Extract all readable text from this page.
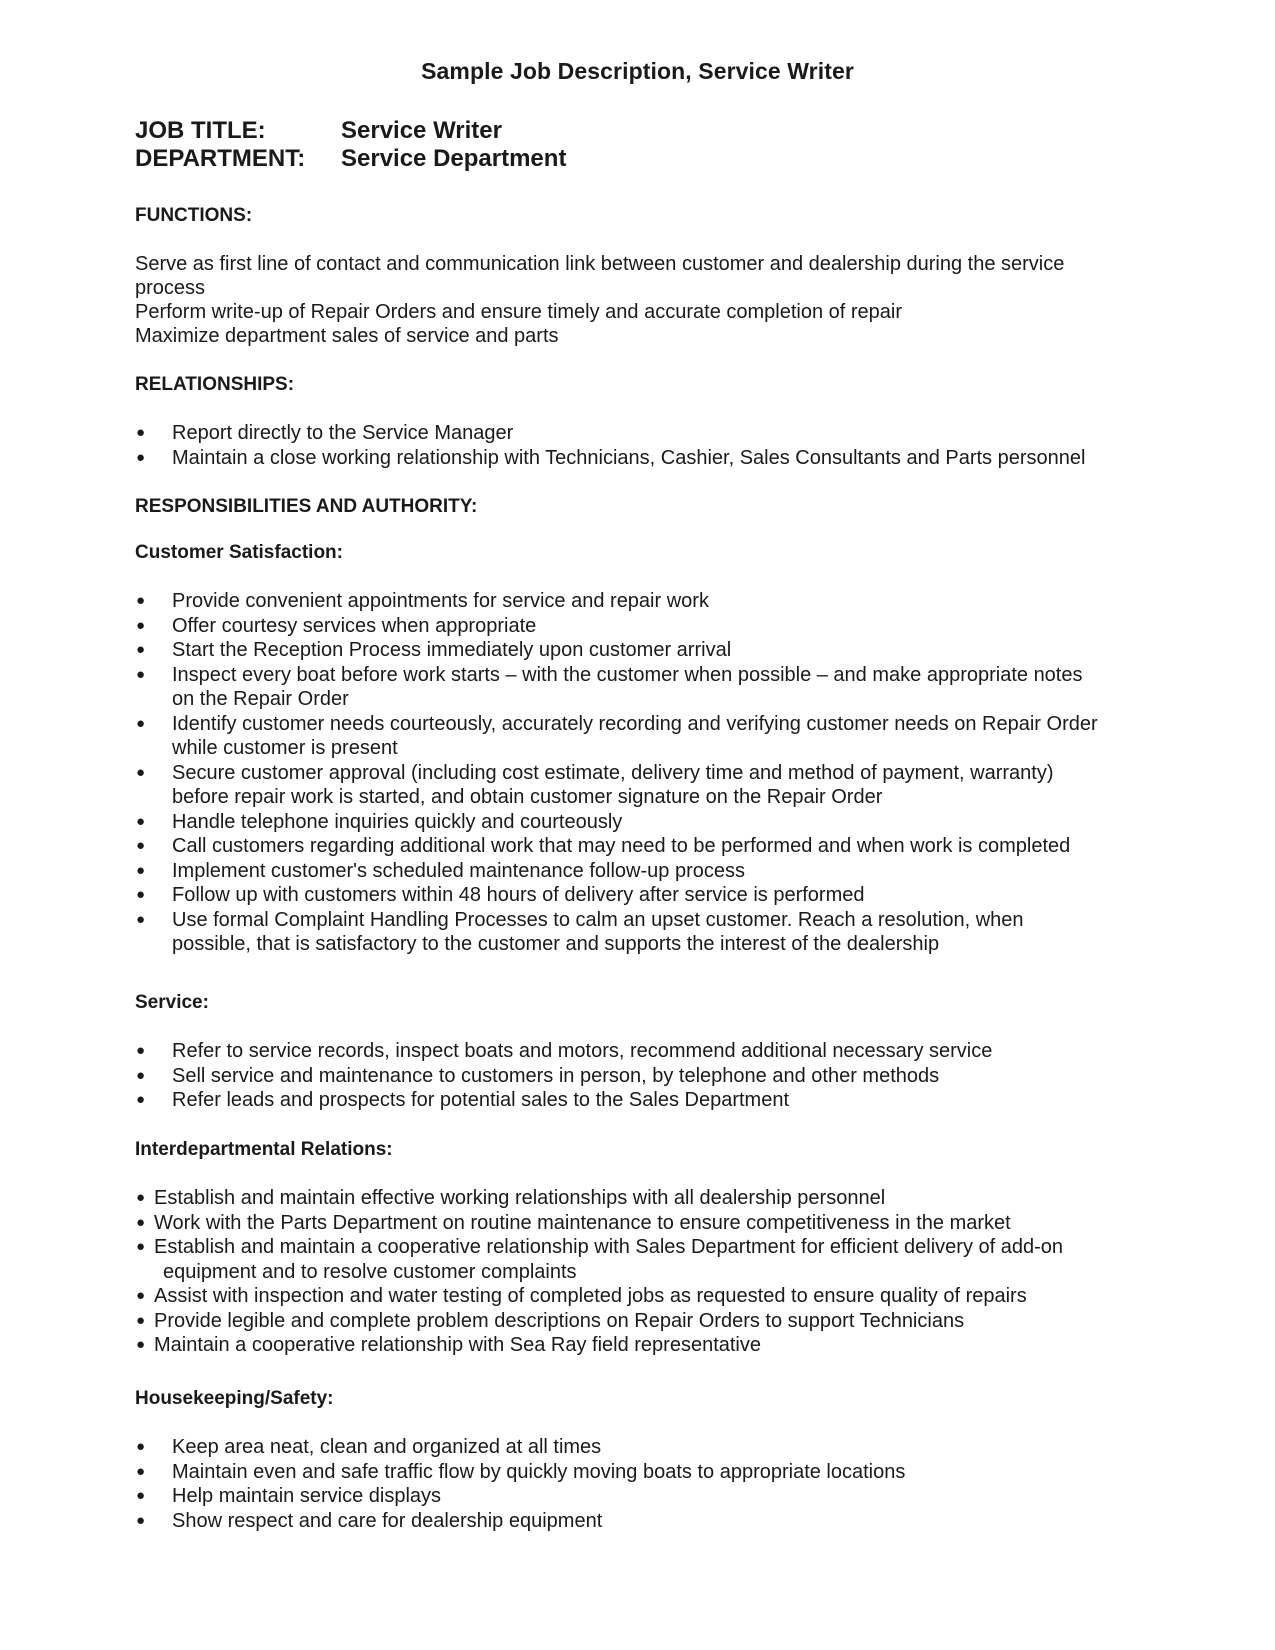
Sample Job Description, Service Writer
JOB TITLE:	Service Writer
DEPARTMENT: Service Department
FUNCTIONS:
Serve as first line of contact and communication link between customer and dealership during the service
process
Perform write-up of Repair Orders and ensure timely and accurate completion of repair
Maximize department sales of service and parts
RELATIONSHIPS:
● Report directly to the Service Manager
● Maintain a close working relationship with Technicians, Cashier, Sales Consultants and Parts personnel
RESPONSIBILITIES AND AUTHORITY:
Customer Satisfaction:
● Provide convenient appointments for service and repair work
● Offer courtesy services when appropriate
● Start the Reception Process immediately upon customer arrival
● Inspect every boat before work starts – with the customer when possible – and make appropriate notes on the Repair Order
● Identify customer needs courteously, accurately recording and verifying customer needs on Repair Order while customer is present
● Secure customer approval (including cost estimate, delivery time and method of payment, warranty) before repair work is started, and obtain customer signature on the Repair Order
● Handle telephone inquiries quickly and courteously
● Call customers regarding additional work that may need to be performed and when work is completed
● Implement customer's scheduled maintenance follow-up process
● Follow up with customers within 48 hours of delivery after service is performed
● Use formal Complaint Handling Processes to calm an upset customer. Reach a resolution, when possible, that is satisfactory to the customer and supports the interest of the dealership
Service:
● Refer to service records, inspect boats and motors, recommend additional necessary service
● Sell service and maintenance to customers in person, by telephone and other methods
● Refer leads and prospects for potential sales to the Sales Department
Interdepartmental Relations:
● Establish and maintain effective working relationships with all dealership personnel
● Work with the Parts Department on routine maintenance to ensure competitiveness in the market
● Establish and maintain a cooperative relationship with Sales Department for efficient delivery of add-on
equipment and to resolve customer complaints
● Assist with inspection and water testing of completed jobs as requested to ensure quality of repairs
● Provide legible and complete problem descriptions on Repair Orders to support Technicians
● Maintain a cooperative relationship with Sea Ray field representative
Housekeeping/Safety:
● Keep area neat, clean and organized at all times
● Maintain even and safe traffic flow by quickly moving boats to appropriate locations
● Help maintain service displays
● Show respect and care for dealership equipment
